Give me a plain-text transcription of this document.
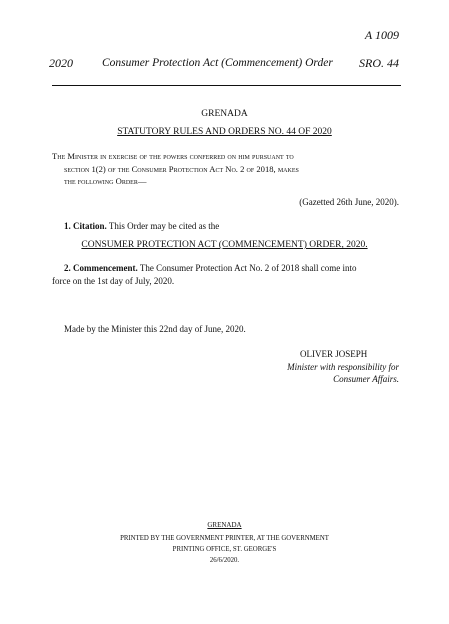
A 1009
2020	Consumer Protection Act (Commencement) Order SRO. 44
GRENADA
STATUTORY RULES AND ORDERS NO. 44 OF 2020
The Minister in exercise of the powers conferred on him pursuant to
section 1(2) of the Consumer Protection Act No. 2 of 2018, makes
the following Order—
(Gazetted 26th June, 2020).
1. Citation. This Order may be cited as the
CONSUMER PROTECTION ACT (COMMENCEMENT) ORDER, 2020.
2. Commencement. The Consumer Protection Act No. 2 of 2018 shall come into
force on the 1st day of July, 2020.
Made by the Minister this 22nd day of June, 2020.
OLIVER JOSEPH
Minister with responsibility for
Consumer Affairs.
GRENADA
PRINTED BY THE GOVERNMENT PRINTER, AT THE GOVERNMENT
PRINTING OFFICE, ST. GEORGE'S
26/6/2020.
